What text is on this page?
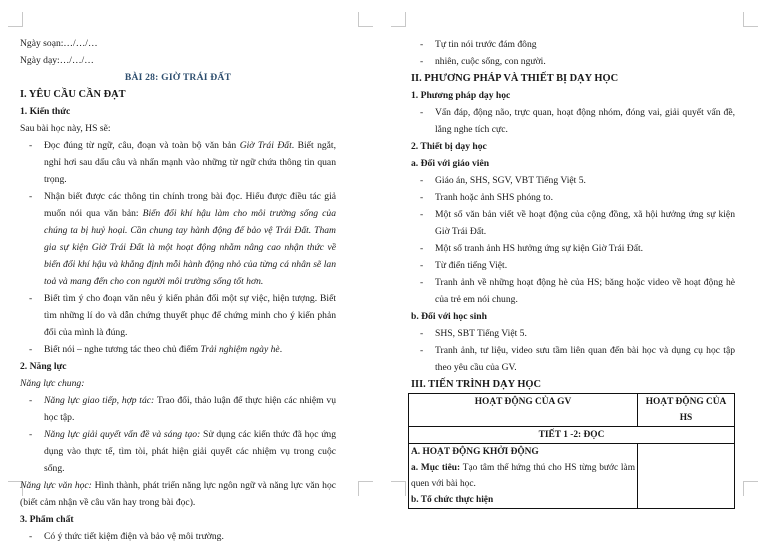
Ngày soạn:…/…/…
Ngày dạy:…/…/…
BÀI 28: GIỜ TRÁI ĐẤT
I. YÊU CẦU CẦN ĐẠT
1. Kiến thức
Sau bài học này, HS sẽ:
- Đọc đúng từ ngữ, câu, đoạn và toàn bộ văn bản Giờ Trái Đất. Biết ngắt, nghỉ hơi sau dấu câu và nhấn mạnh vào những từ ngữ chứa thông tin quan trọng.
- Nhận biết được các thông tin chính trong bài đọc. Hiểu được điều tác giả muốn nói qua văn bản: Biến đổi khí hậu làm cho môi trường sống của chúng ta bị huỷ hoại. Cần chung tay hành động để bảo vệ Trái Đất. Tham gia sự kiện Giờ Trái Đất là một hoạt động nhằm nâng cao nhận thức về biến đổi khí hậu và khẳng định mỗi hành động nhỏ của từng cá nhân sẽ lan toả và mang đến cho con người môi trường sống tốt hơn.
- Biết tìm ý cho đoạn văn nêu ý kiến phản đối một sự việc, hiện tượng. Biết tìm những lí do và dẫn chứng thuyết phục để chứng minh cho ý kiến phản đối của mình là đúng.
- Biết nói – nghe tương tác theo chủ điểm Trải nghiệm ngày hè.
2. Năng lực
Năng lực chung:
- Năng lực giao tiếp, hợp tác: Trao đổi, thảo luận để thực hiện các nhiệm vụ học tập.
- Năng lực giải quyết vấn đề và sáng tạo: Sử dụng các kiến thức đã học ứng dụng vào thực tế, tìm tòi, phát hiện giải quyết các nhiệm vụ trong cuộc sống.
Năng lực văn học: Hình thành, phát triển năng lực ngôn ngữ và năng lực văn học (biết cảm nhận về câu văn hay trong bài đọc).
3. Phẩm chất
- Có ý thức tiết kiệm điện và bảo vệ môi trường.
- Tự tin nói trước đám đông
- nhiên, cuộc sống, con người.
II. PHƯƠNG PHÁP VÀ THIẾT BỊ DẠY HỌC
1. Phương pháp dạy học
- Vấn đáp, động não, trực quan, hoạt động nhóm, đóng vai, giải quyết vấn đề, lắng nghe tích cực.
2. Thiết bị dạy học
a. Đối với giáo viên
- Giáo án, SHS, SGV, VBT Tiếng Việt 5.
- Tranh hoặc ảnh SHS phóng to.
- Một số văn bản viết về hoạt động của cộng đồng, xã hội hưởng ứng sự kiện Giờ Trái Đất.
- Một số tranh ảnh HS hưởng ứng sự kiện Giờ Trái Đất.
- Từ điển tiếng Việt.
- Tranh ảnh về những hoạt động hè của HS; băng hoặc video về hoạt động hè của trẻ em nói chung.
b. Đối với học sinh
- SHS, SBT Tiếng Việt 5.
- Tranh ảnh, tư liệu, video sưu tầm liên quan đến bài học và dụng cụ học tập theo yêu cầu của GV.
III. TIẾN TRÌNH DẠY HỌC
HOẠT ĐỘNG CỦA GV	HOẠT ĐỘNG CỦA HS
TIẾT 1 -2: ĐỌC	

A. HOẠT ĐỘNG KHỞI ĐỘNG
a. Mục tiêu: Tạo tâm thế hứng thú cho HS từng bước làm quen với bài học.
b. Tổ chức thực hiện	
